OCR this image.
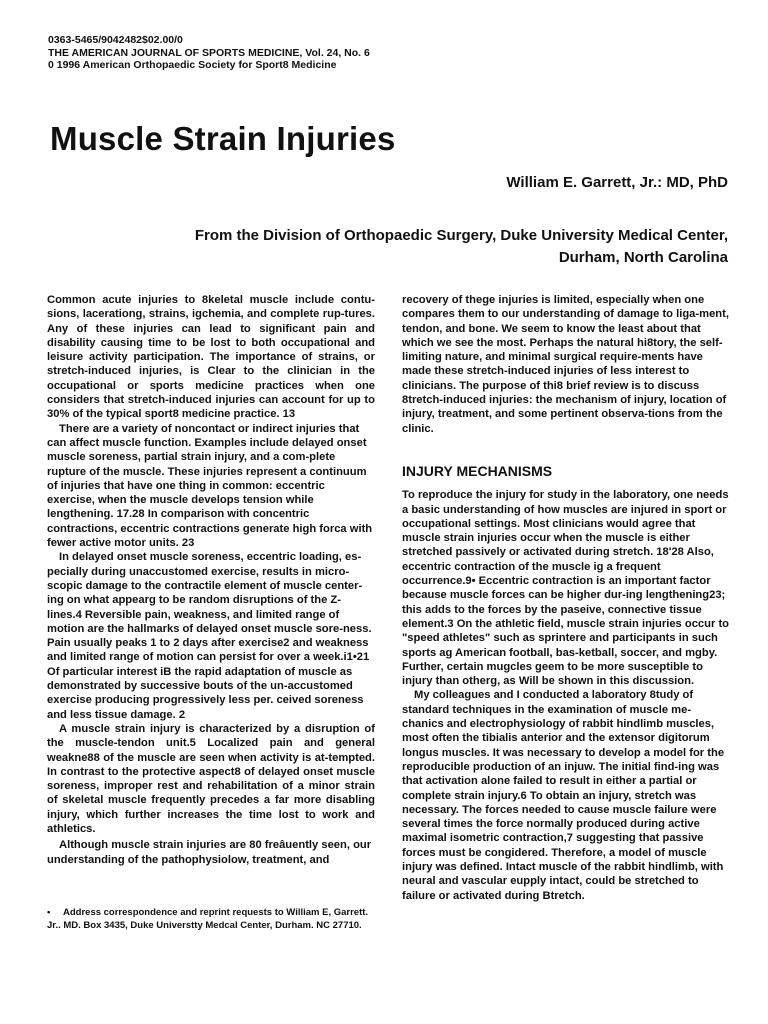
0363-5465/9042482$02.00/0
THE AMERICAN JOURNAL OF SPORTS MEDICINE, Vol. 24, No. 6
0 1996 American Orthopaedic Society for Sport8 Medicine
Muscle Strain Injuries
William E. Garrett, Jr.: MD, PhD
From the Division of Orthopaedic Surgery, Duke University Medical Center,
Durham, North Carolina

Common acute injuries to 8keletal muscle include contu-sions, lacerationg, strains, igchemia, and complete rup-tures. Any of these injuries can lead to significant pain and disability causing time to be lost to both occupational and leisure activity participation. The importance of strains, or stretch-induced injuries, is Clear to the clinician in the occupational or sports medicine practices when one considers that stretch-induced injuries can account for up to 30% of the typical sport8 medicine practice. 13

There are a variety of noncontact or indirect injuries that can affect muscle function. Examples include delayed onset muscle soreness, partial strain injury, and a com-plete rupture of the muscle. These injuries represent a continuum of injuries that have one thing in common: eccentric exercise, when the muscle develops tension while lengthening. 17.28 In comparison with concentric contractions, eccentric contractions generate high forca with fewer active motor units. 23

In delayed onset muscle soreness, eccentric loading, es-pecially during unaccustomed exercise, results in micro-scopic damage to the contractile element of muscle center-ing on what appearg to be random disruptions of the Z-lines.4 Reversible pain, weakness, and limited range of motion are the hallmarks of delayed onset muscle sore-ness. Pain usually peaks 1 to 2 days after exercise2 and weakness and limited range of motion can persist for over a week.i1•21 Of particular interest iB the rapid adaptation of muscle as demonstrated by successive bouts of the un-accustomed exercise producing progressively less per. ceived soreness and less tissue damage. 2

A muscle strain injury is characterized by a disruption of the muscle-tendon unit.5 Localized pain and general weakne88 of the muscle are seen when activity is at-tempted. In contrast to the protective aspect8 of delayed onset muscle soreness, improper rest and rehabilitation of a minor strain of skeletal muscle frequently precedes a far more disabling injury, which further increases the time lost to work and athletics.

Although muscle strain injuries are 80 freâuently seen, our understanding of the pathophysiolow, treatment, and

• Address correspondence and reprint requests to William E, Garrett. Jr.. MD. Box 3435, Duke Universtty Medcal Center, Durham. NC 27710.

recovery of thege injuries is limited, especially when one compares them to our understanding of damage to liga-ment, tendon, and bone. We seem to know the least about that which we see the most. Perhaps the natural hi8tory, the self-limiting nature, and minimal surgical require-ments have made these stretch-induced injuries of less interest to clinicians. The purpose of thi8 brief review is to discuss 8tretch-induced injuries: the mechanism of injury, location of injury, treatment, and some pertinent observa-tions from the clinic.

INJURY MECHANISMS

To reproduce the injury for study in the laboratory, one needs a basic understanding of how muscles are injured in sport or occupational settings. Most clinicians would agree that muscle strain injuries occur when the muscle is either stretched passively or activated during stretch. 18'28 Also, eccentric contraction of the muscle ig a frequent occurrence.9• Eccentric contraction is an important factor because muscle forces can be higher dur-ing lengthening23; this adds to the forces by the paseive, connective tissue element.3 On the athletic field, muscle strain injuries occur to "speed athletes" such as sprintere and participants in such sports ag American football, bas-ketball, soccer, and mgby. Further, certain mugcles geem to be more susceptible to injury than otherg, as Will be shown in this discussion.

My colleagues and I conducted a laboratory 8tudy of standard techniques in the examination of muscle me-chanics and electrophysiology of rabbit hindlimb muscles, most often the tibialis anterior and the extensor digitorum longus muscles. It was necessary to develop a model for the reproducible production of an injuw. The initial find-ing was that activation alone failed to result in either a partial or complete strain injury.6 To obtain an injury, stretch was necessary. The forces needed to cause muscle failure were several times the force normally produced during active maximal isometric contraction,7 suggesting that passive forces must be congidered. Therefore, a model of muscle injury was defined. Intact muscle of the rabbit hindlimb, with neural and vascular eupply intact, could be stretched to failure or activated during Btretch.
